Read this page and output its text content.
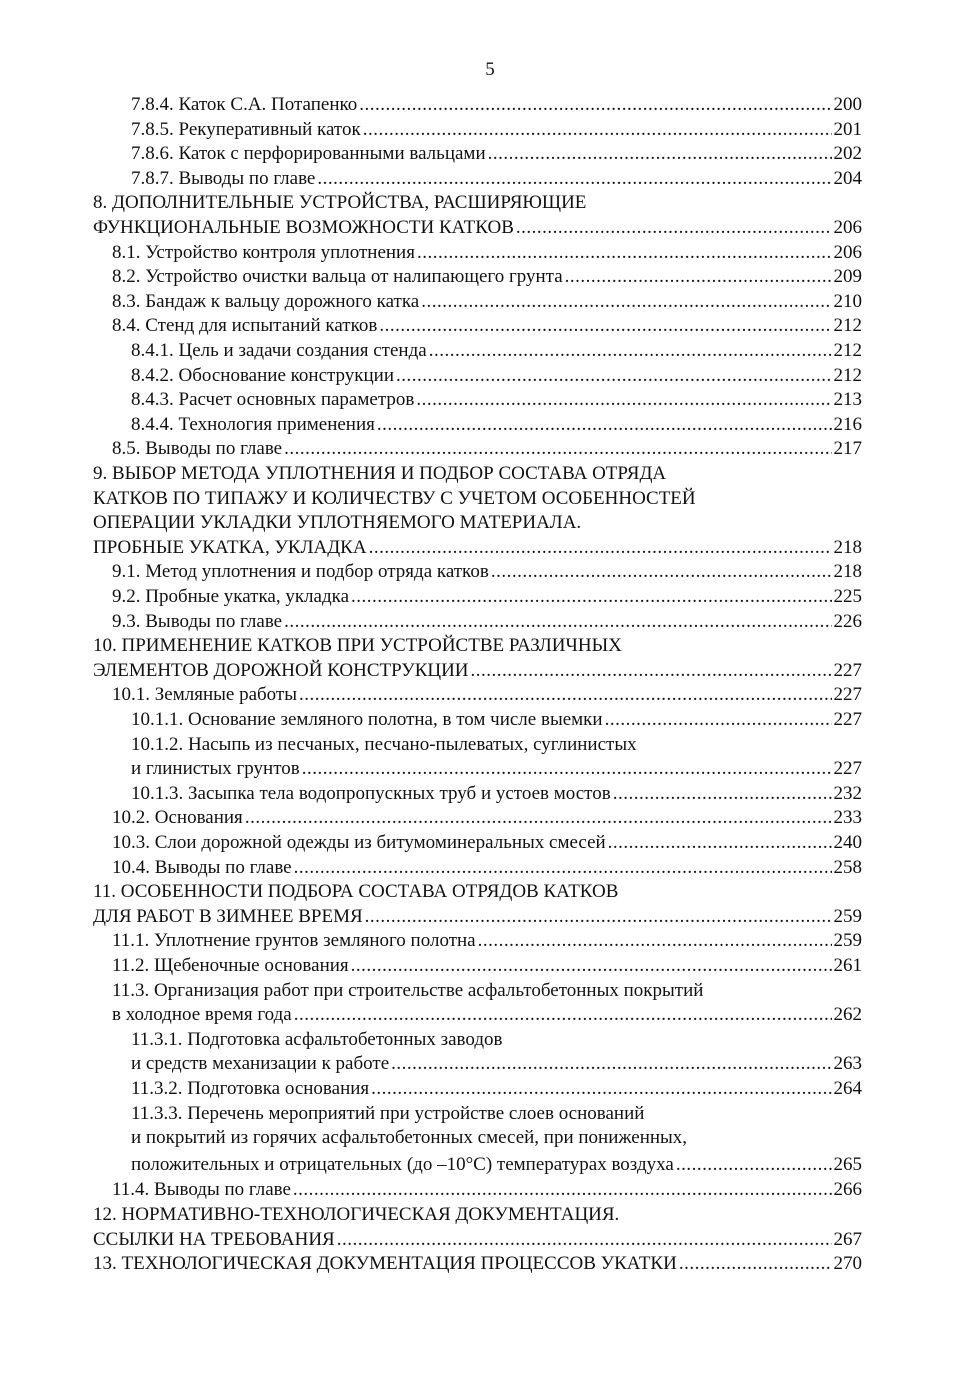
5
7.8.4. Каток С.А. Потапенко .....	200
7.8.5. Рекуперативный каток .....	201
7.8.6. Каток с перфорированными вальцами .....	202
7.8.7. Выводы по главе .....	204
8. ДОПОЛНИТЕЛЬНЫЕ УСТРОЙСТВА, РАСШИРЯЮЩИЕ
ФУНКЦИОНАЛЬНЫЕ ВОЗМОЖНОСТИ КАТКОВ .....	206
8.1. Устройство контроля уплотнения .....	206
8.2. Устройство очистки вальца от налипающего грунта .....	209
8.3. Бандаж к вальцу дорожного катка .....	210
8.4. Стенд для испытаний катков .....	212
8.4.1. Цель и задачи создания стенда .....	212
8.4.2. Обоснование конструкции .....	212
8.4.3. Расчет основных параметров .....	213
8.4.4. Технология применения .....	216
8.5. Выводы по главе .....	217
9. ВЫБОР МЕТОДА УПЛОТНЕНИЯ И ПОДБОР СОСТАВА ОТРЯДА
КАТКОВ ПО ТИПАЖУ И КОЛИЧЕСТВУ С УЧЕТОМ ОСОБЕННОСТЕЙ
ОПЕРАЦИИ УКЛАДКИ УПЛОТНЯЕМОГО МАТЕРИАЛА.
ПРОБНЫЕ УКАТКА, УКЛАДКА .....	218
9.1. Метод уплотнения и подбор отряда катков .....	218
9.2. Пробные укатка, укладка .....	225
9.3. Выводы по главе .....	226
10. ПРИМЕНЕНИЕ КАТКОВ ПРИ УСТРОЙСТВЕ РАЗЛИЧНЫХ
ЭЛЕМЕНТОВ ДОРОЖНОЙ КОНСТРУКЦИИ .....	227
10.1. Земляные работы .....	227
10.1.1. Основание земляного полотна, в том числе выемки .....	227
10.1.2. Насыпь из песчаных, песчано-пылеватых, суглинистых
и глинистых грунтов .....	227
10.1.3. Засыпка тела водопропускных труб и устоев мостов .....	232
10.2. Основания .....	233
10.3. Слои дорожной одежды из битумоминеральных смесей .....	240
10.4. Выводы по главе .....	258
11. ОСОБЕННОСТИ ПОДБОРА СОСТАВА ОТРЯДОВ КАТКОВ
ДЛЯ РАБОТ В ЗИМНЕЕ ВРЕМЯ .....	259
11.1. Уплотнение грунтов земляного полотна .....	259
11.2. Щебеночные основания .....	261
11.3. Организация работ при строительстве асфальтобетонных покрытий
в холодное время года .....	262
11.3.1. Подготовка асфальтобетонных заводов
и средств механизации к работе .....	263
11.3.2. Подготовка основания .....	264
11.3.3. Перечень мероприятий при устройстве слоев оснований
и покрытий из горячих асфальтобетонных смесей, при пониженных,
положительных и отрицательных (до –10°С) температурах воздуха .....	265
11.4. Выводы по главе .....	266
12. НОРМАТИВНО-ТЕХНОЛОГИЧЕСКАЯ ДОКУМЕНТАЦИЯ.
ССЫЛКИ НА ТРЕБОВАНИЯ .....	267
13. ТЕХНОЛОГИЧЕСКАЯ ДОКУМЕНТАЦИЯ ПРОЦЕССОВ УКАТКИ .....	270
